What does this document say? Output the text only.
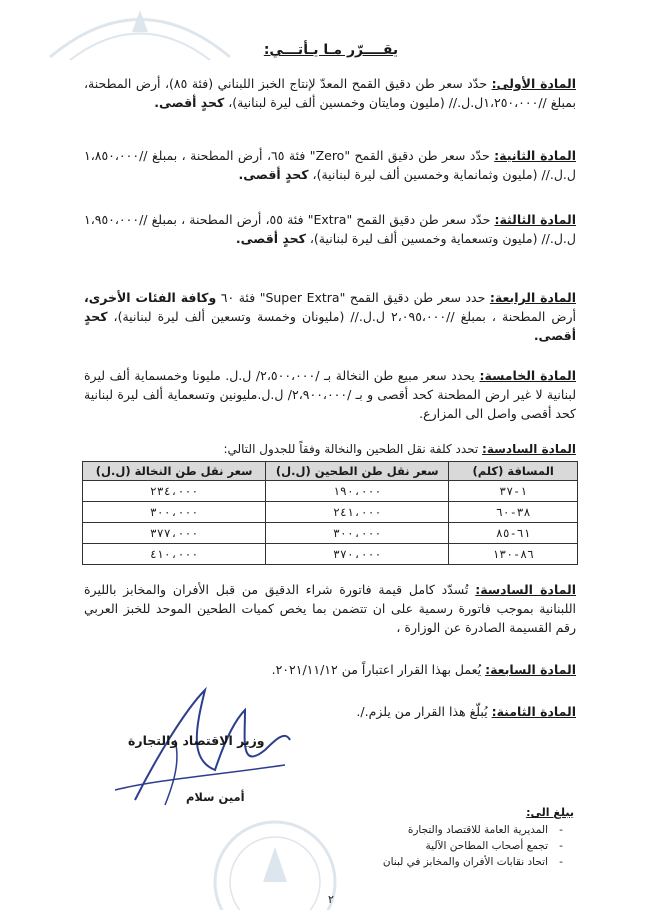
يقــــرّر مـا يـأتـــي:

المادة الأولى: حدّد سعر طن دقيق القمح المعدّ لإنتاج الخبز اللبناني (فئة ٨٥)، أرض المطحنة، بمبلغ //١،٢٥٠،٠٠٠ل.ل.// (مليون ومايتان وخمسين ألف ليرة لبنانية)، كحدٍ أقصى.

المادة الثانية: حدّد سعر طن دقيق القمح "Zero" فئة ٦٥، أرض المطحنة ، بمبلغ //١،٨٥٠،٠٠٠ ل.ل.// (مليون وثمانماية وخمسين ألف ليرة لبنانية)، كحدٍ أقصى.

المادة الثالثة: حدّد سعر طن دقيق القمح "Extra" فئة ٥٥، أرض المطحنة ، بمبلغ //١،٩٥٠،٠٠٠ ل.ل.// (مليون وتسعماية وخمسين ألف ليرة لبنانية)، كحدٍ أقصى.

المادة الرابعة: حدد سعر طن دقيق القمح "Super Extra" فئة ٦٠ وكافة الفئات الأخرى، أرض المطحنة ، بمبلغ //٢،٠٩٥،٠٠٠ ل.ل.// (مليونان وخمسة وتسعين ألف ليرة لبنانية)، كحدٍ أقصى.

المادة الخامسة: يحدد سعر مبيع طن النخالة بـ /٢،٥٠٠،٠٠٠/ ل.ل. مليونا وخمسماية ألف ليرة لبنانية لا غير ارض المطحنة كحد أقصى و بـ /٢،٩٠٠،٠٠٠/ ل.ل.مليونين وتسعماية ألف ليرة لبنانية كحد أقصى واصل الى المزارع.

المادة السادسة: تحدد كلفة نقل الطحين والنخالة وفقاً للجدول التالي:

المسافة (كلم)	سعر نقل طن الطحين (ل.ل)	سعر نقل طن النخالة (ل.ل)
١-٣٧	١٩٠،٠٠٠	٢٣٤،٠٠٠
٣٨-٦٠	٢٤١،٠٠٠	٣٠٠،٠٠٠
٦١-٨٥	٣٠٠،٠٠٠	٣٧٧،٠٠٠
٨٦-١٣٠	٣٧٠،٠٠٠	٤١٠،٠٠٠

المادة السادسة: تُسدّد كامل قيمة فاتورة شراء الدقيق من قبل الأفران والمخابز بالليرة اللبنانية بموجب فاتورة رسمية على ان تتضمن بما يخص كميات الطحين الموحد للخبز العربي رقم القسيمة الصادرة عن الوزارة ،

المادة السابعة: يُعمل بهذا القرار اعتباراً من ٢٠٢١/١١/١٢.

المادة الثامنة: يُبلّغ هذا القرار من يلزم./.

وزير الاقتصاد والتجارة
أمين سلام
يبلغ الى:
- المديرية العامة للاقتصاد والتجارة
- تجمع أصحاب المطاحن الآلية
- اتحاد نقابات الأفران والمخابز في لبنان
٢
